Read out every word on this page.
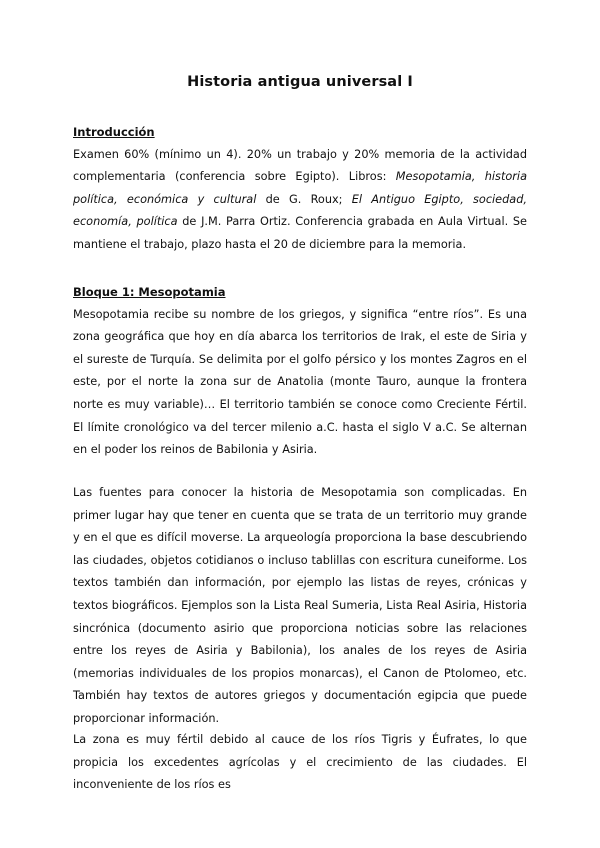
Historia antigua universal I

Introducción

Examen 60% (mínimo un 4). 20% un trabajo y 20% memoria de la actividad complementaria (conferencia sobre Egipto). Libros: Mesopotamia, historia política, económica y cultural de G. Roux; El Antiguo Egipto, sociedad, economía, política de J.M. Parra Ortiz. Conferencia grabada en Aula Virtual. Se mantiene el trabajo, plazo hasta el 20 de diciembre para la memoria.

Bloque 1: Mesopotamia

Mesopotamia recibe su nombre de los griegos, y significa “entre ríos”. Es una zona geográfica que hoy en día abarca los territorios de Irak, el este de Siria y el sureste de Turquía. Se delimita por el golfo pérsico y los montes Zagros en el este, por el norte la zona sur de Anatolia (monte Tauro, aunque la frontera norte es muy variable)… El territorio también se conoce como Creciente Fértil. El límite cronológico va del tercer milenio a.C. hasta el siglo V a.C. Se alternan en el poder los reinos de Babilonia y Asiria.

Las fuentes para conocer la historia de Mesopotamia son complicadas. En primer lugar hay que tener en cuenta que se trata de un territorio muy grande y en el que es difícil moverse. La arqueología proporciona la base descubriendo las ciudades, objetos cotidianos o incluso tablillas con escritura cuneiforme. Los textos también dan información, por ejemplo las listas de reyes, crónicas y textos biográficos. Ejemplos son la Lista Real Sumeria, Lista Real Asiria, Historia sincrónica (documento asirio que proporciona noticias sobre las relaciones entre los reyes de Asiria y Babilonia), los anales de los reyes de Asiria (memorias individuales de los propios monarcas), el Canon de Ptolomeo, etc. También hay textos de autores griegos y documentación egipcia que puede proporcionar información.

La zona es muy fértil debido al cauce de los ríos Tigris y Éufrates, lo que propicia los excedentes agrícolas y el crecimiento de las ciudades. El inconveniente de los ríos es
